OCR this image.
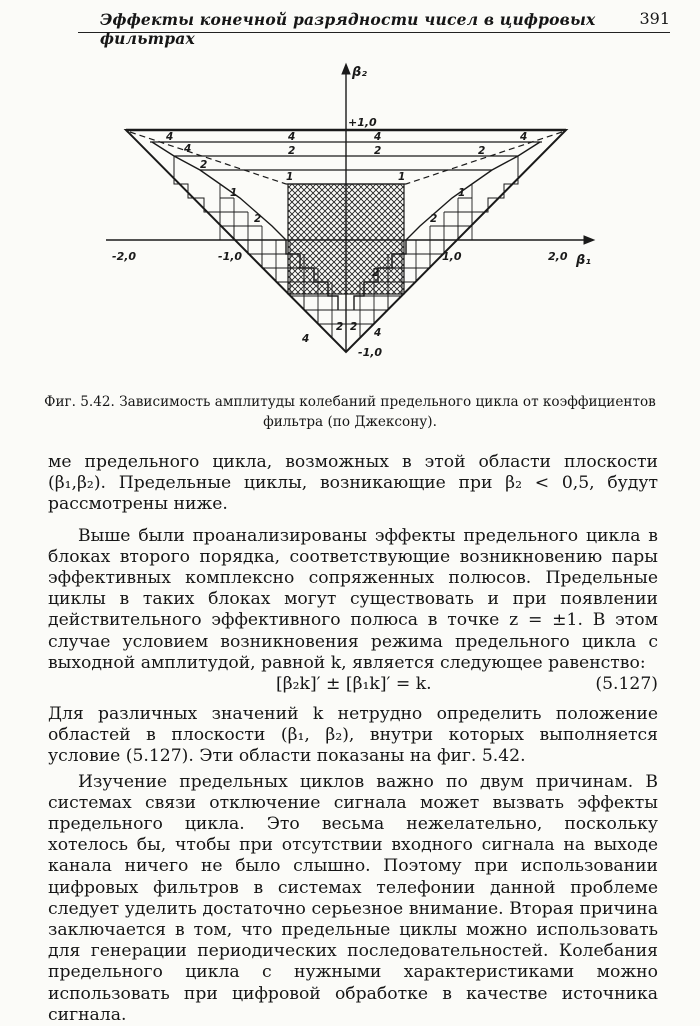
Эффекты конечной разрядности чисел в цифровых фильтрах
391
+1,0
-1,0
-2,0	-1,0	1,0	2,0
β₂
β₁
4	4	4
2	2
2
1	1
1	1
2	2
2
4
4
4	4
2 2
2
Фиг. 5.42. Зависимость амплитуды колебаний предельного цикла от коэффициентов фильтра (по Джексону).

ме предельного цикла, возможных в этой области плоскости (β₁,β₂). Предельные циклы, возникающие при β₂ < 0,5, будут рассмотрены ниже.

Выше были проанализированы эффекты предельного цикла в блоках второго порядка, соответствующие возникновению пары эффективных комплексно сопряженных полюсов. Предельные циклы в таких блоках могут существовать и при появлении действительного эффективного полюса в точке z = ±1. В этом случае условием возникновения режима предельного цикла с выходной амплитудой, равной k, является следующее равенство:

[β₂k]′ ± [β₁k]′ = k.	(5.127)

Для различных значений k нетрудно определить положение областей в плоскости (β₁, β₂), внутри которых выполняется условие (5.127). Эти области показаны на фиг. 5.42.

Изучение предельных циклов важно по двум причинам. В системах связи отключение сигнала может вызвать эффекты предельного цикла. Это весьма нежелательно, поскольку хотелось бы, чтобы при отсутствии входного сигнала на выходе канала ничего не было слышно. Поэтому при использовании цифровых фильтров в системах телефонии данной проблеме следует уделить достаточно серьезное внимание. Вторая причина заключается в том, что предельные циклы можно использовать для генерации периодических последовательностей. Колебания предельного цикла с нужными характеристиками можно использовать при цифровой обработке в качестве источника сигнала.
